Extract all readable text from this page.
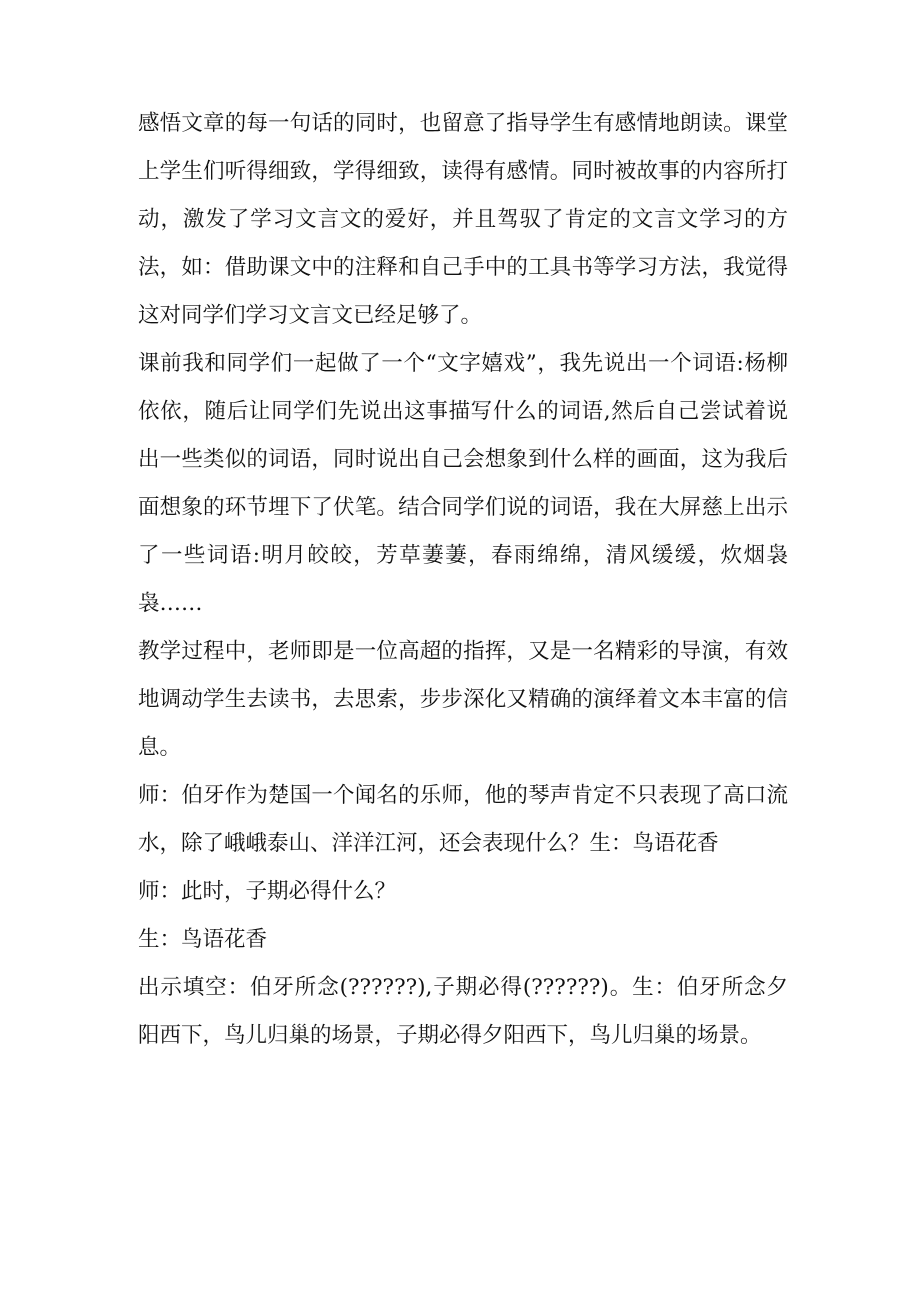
感悟文章的每一句话的同时，也留意了指导学生有感情地朗读。课堂上学生们听得细致，学得细致，读得有感情。同时被故事的内容所打动，激发了学习文言文的爱好，并且驾驭了肯定的文言文学习的方法，如：借助课文中的注释和自己手中的工具书等学习方法，我觉得这对同学们学习文言文已经足够了。

课前我和同学们一起做了一个“文字嬉戏”，我先说出一个词语:杨柳依依，随后让同学们先说出这事描写什么的词语,然后自己尝试着说出一些类似的词语，同时说出自己会想象到什么样的画面，这为我后面想象的环节埋下了伏笔。结合同学们说的词语，我在大屏慈上出示了一些词语:明月皎皎，芳草萋萋，春雨绵绵，清风缓缓，炊烟袅袅……

教学过程中，老师即是一位高超的指挥，又是一名精彩的导演，有效地调动学生去读书，去思索，步步深化又精确的演绎着文本丰富的信息。

师：伯牙作为楚国一个闻名的乐师，他的琴声肯定不只表现了高口流水，除了峨峨泰山、洋洋江河，还会表现什么？生：鸟语花香

师：此时，子期必得什么？

生：鸟语花香

出示填空：伯牙所念(??????),子期必得(??????)。生：伯牙所念夕阳西下，鸟儿归巢的场景，子期必得夕阳西下，鸟儿归巢的场景。
